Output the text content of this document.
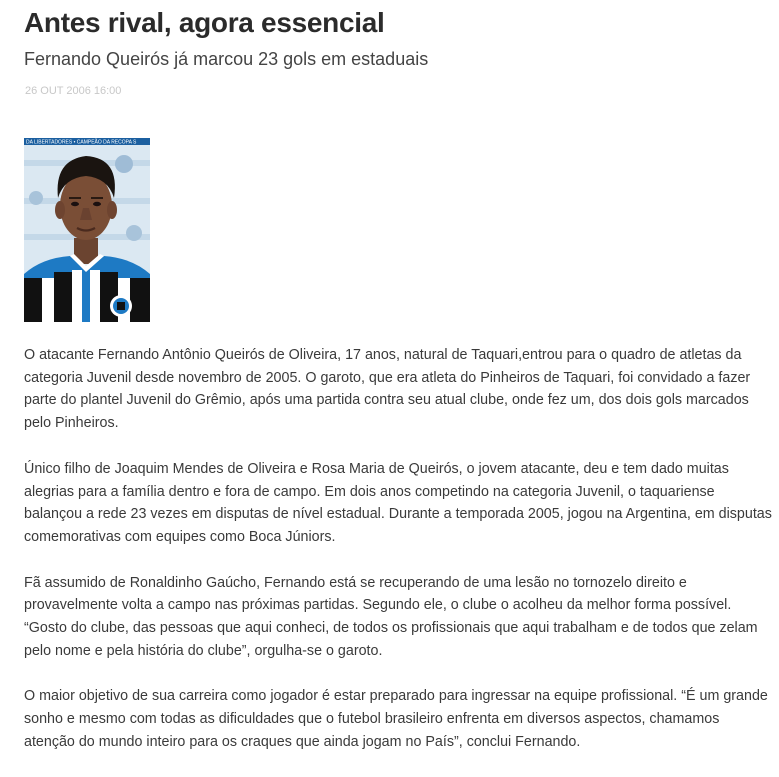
Antes rival, agora essencial
Fernando Queirós já marcou 23 gols em estaduais
26 OUT 2006 16:00
DA LIBERTADORES • CAMPEÃO DA RECOPA S

O atacante Fernando Antônio Queirós de Oliveira, 17 anos, natural de Taquari,entrou para o quadro de atletas da categoria Juvenil desde novembro de 2005. O garoto, que era atleta do Pinheiros de Taquari, foi convidado a fazer parte do plantel Juvenil do Grêmio, após uma partida contra seu atual clube, onde fez um, dos dois gols marcados pelo Pinheiros.

Único filho de Joaquim Mendes de Oliveira e Rosa Maria de Queirós, o jovem atacante, deu e tem dado muitas alegrias para a família dentro e fora de campo. Em dois anos competindo na categoria Juvenil, o taquariense balançou a rede 23 vezes em disputas de nível estadual. Durante a temporada 2005, jogou na Argentina, em disputas comemorativas com equipes como Boca Júniors.

Fã assumido de Ronaldinho Gaúcho, Fernando está se recuperando de uma lesão no tornozelo direito e provavelmente volta a campo nas próximas partidas. Segundo ele, o clube o acolheu da melhor forma possível. “Gosto do clube, das pessoas que aqui conheci, de todos os profissionais que aqui trabalham e de todos que zelam pelo nome e pela história do clube”, orgulha-se o garoto.

O maior objetivo de sua carreira como jogador é estar preparado para ingressar na equipe profissional. “É um grande sonho e mesmo com todas as dificuldades que o futebol brasileiro enfrenta em diversos aspectos, chamamos atenção do mundo inteiro para os craques que ainda jogam no País”, conclui Fernando.
